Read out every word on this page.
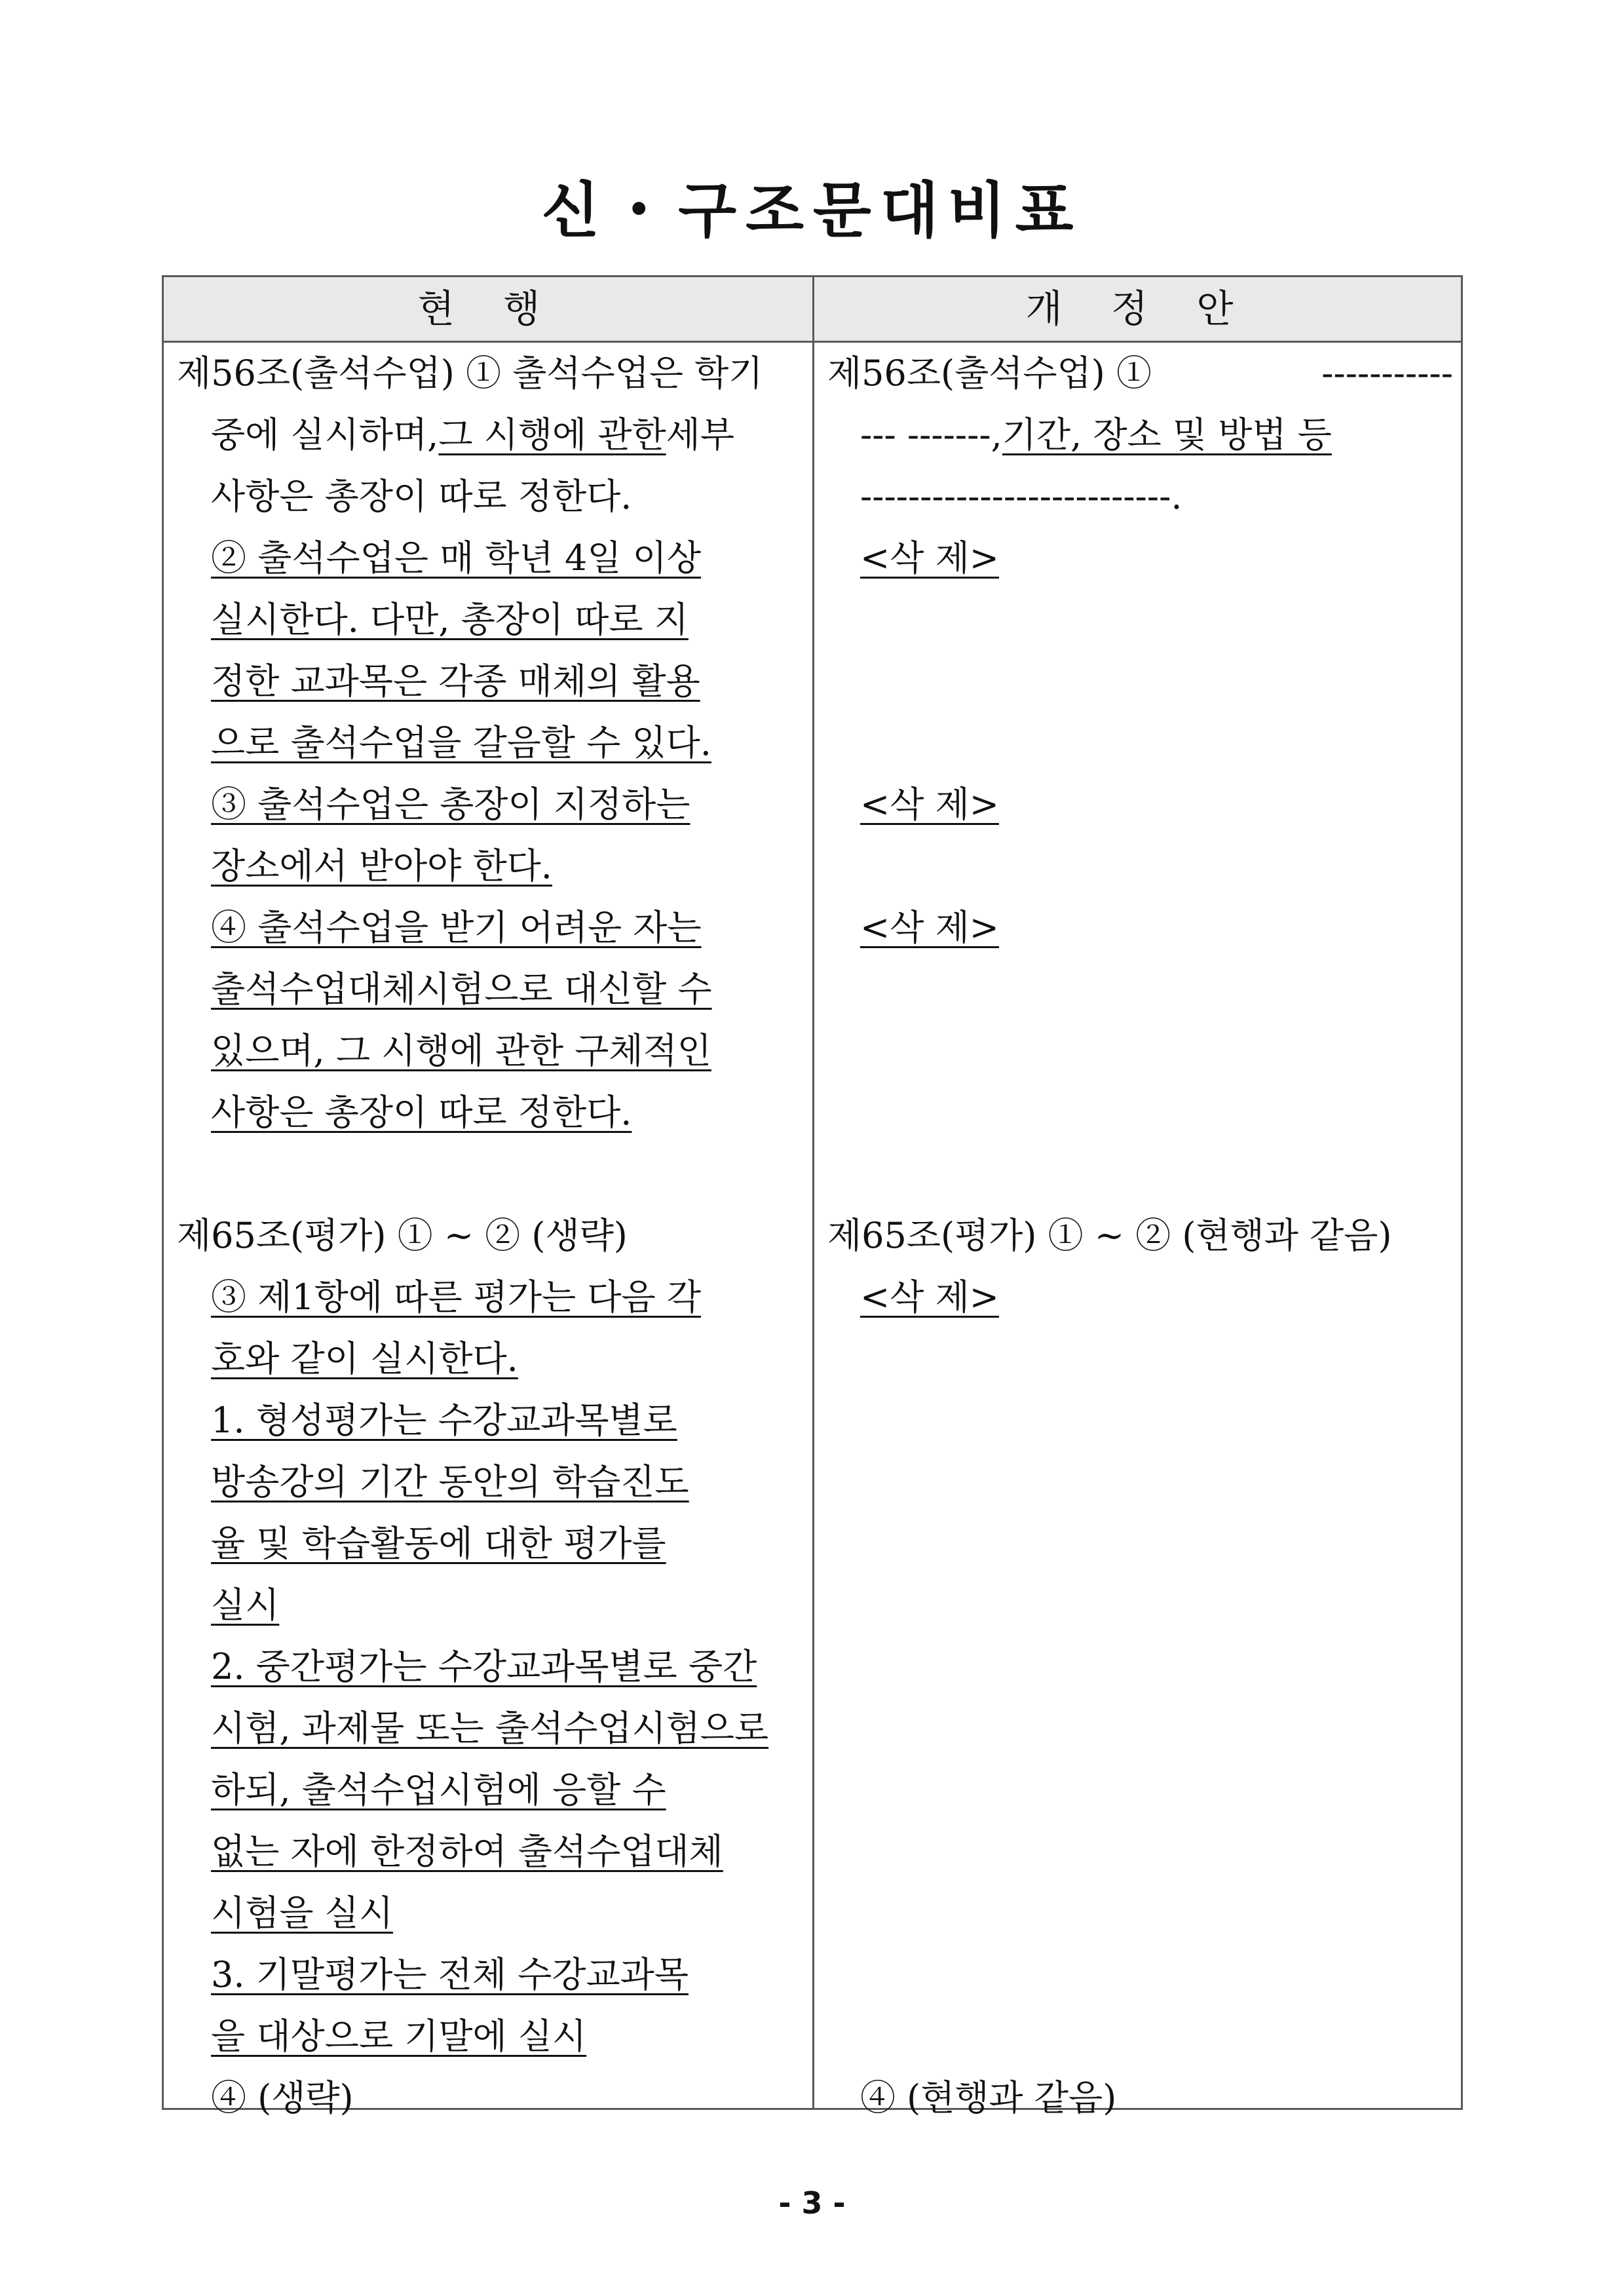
신・구조문대비표
현 행	개 정 안
제56조(출석수업) ① 출석수업은 학기
중에 실시하며, 그 시행에 관한 세부
사항은 총장이 따로 정한다.
② 출석수업은 매 학년 4일 이상
실시한다. 다만, 총장이 따로 지
정한 교과목은 각종 매체의 활용
으로 출석수업을 갈음할 수 있다.
③ 출석수업은 총장이 지정하는
장소에서 받아야 한다.
④ 출석수업을 받기 어려운 자는
출석수업대체시험으로 대신할 수
있으며, 그 시행에 관한 구체적인
사항은 총장이 따로 정한다.
제65조(평가) ① ~ ② (생략)
③ 제1항에 따른 평가는 다음 각
호와 같이 실시한다.
1. 형성평가는 수강교과목별로
방송강의 기간 동안의 학습진도
율 및 학습활동에 대한 평가를
실시
2. 중간평가는 수강교과목별로 중간
시험, 과제물 또는 출석수업시험으로
하되, 출석수업시험에 응할 수
없는 자에 한정하여 출석수업대체
시험을 실시
3. 기말평가는 전체 수강교과목
을 대상으로 기말에 실시
④ (생략)
제56조(출석수업) ①	-----------
--- -------, 기간, 장소 및 방법 등
--------------------------.
<삭 제>
<삭 제>
<삭 제>
제65조(평가) ① ~ ② (현행과 같음)
<삭 제>
④ (현행과 같음)
- 3 -
